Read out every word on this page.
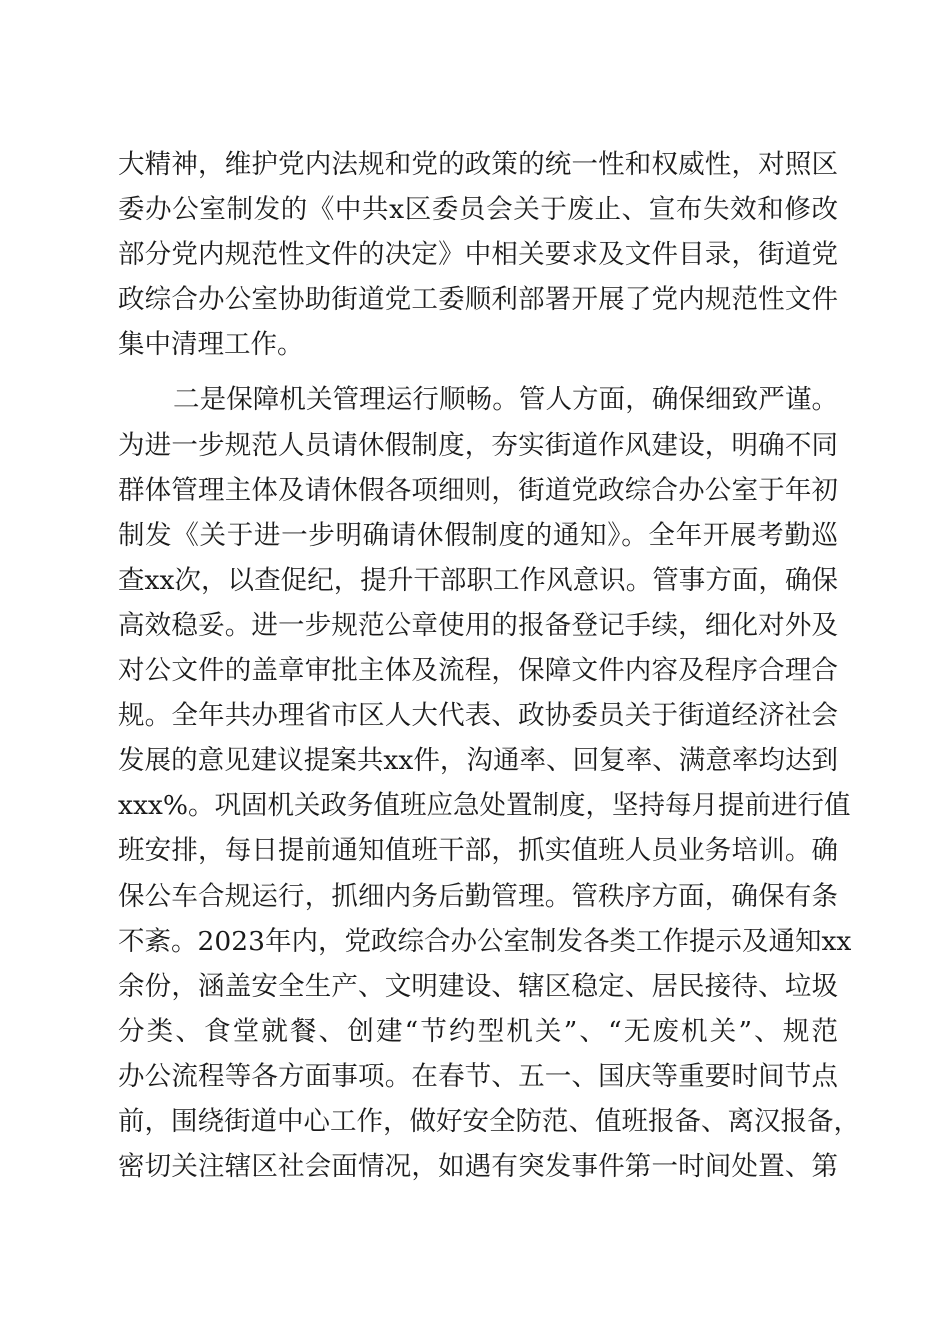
大精神，维护党内法规和党的政策的统一性和权威性，对照区
委办公室制发的《中共x区委员会关于废止、宣布失效和修改
部分党内规范性文件的决定》中相关要求及文件目录，街道党
政综合办公室协助街道党工委顺利部署开展了党内规范性文件
集中清理工作。
二是保障机关管理运行顺畅。管人方面，确保细致严谨。
为进一步规范人员请休假制度，夯实街道作风建设，明确不同
群体管理主体及请休假各项细则，街道党政综合办公室于年初
制发《关于进一步明确请休假制度的通知》。全年开展考勤巡
查xx次，以查促纪，提升干部职工作风意识。管事方面，确保
高效稳妥。进一步规范公章使用的报备登记手续，细化对外及
对公文件的盖章审批主体及流程，保障文件内容及程序合理合
规。全年共办理省市区人大代表、政协委员关于街道经济社会
发展的意见建议提案共xx件，沟通率、回复率、满意率均达到
xxx%。巩固机关政务值班应急处置制度，坚持每月提前进行值
班安排，每日提前通知值班干部，抓实值班人员业务培训。确
保公车合规运行，抓细内务后勤管理。管秩序方面，确保有条
不紊。2023年内，党政综合办公室制发各类工作提示及通知xx
余份，涵盖安全生产、文明建设、辖区稳定、居民接待、垃圾
分类、食堂就餐、创建“节约型机关”、“无废机关”、规范
办公流程等各方面事项。在春节、五一、国庆等重要时间节点
前，围绕街道中心工作，做好安全防范、值班报备、离汉报备，
密切关注辖区社会面情况，如遇有突发事件第一时间处置、第
